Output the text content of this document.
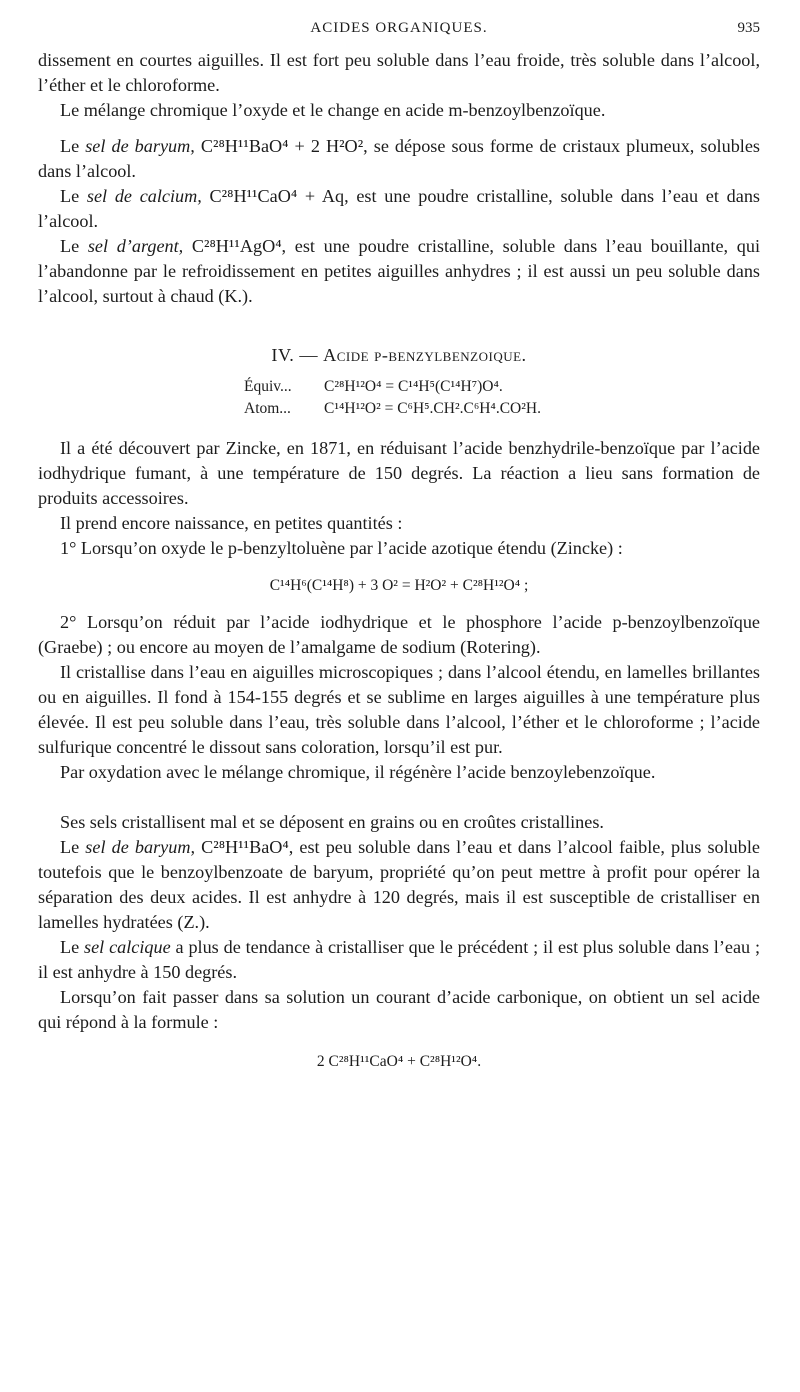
ACIDES ORGANIQUES.	935

dissement en courtes aiguilles. Il est fort peu soluble dans l’eau froide, très soluble dans l’alcool, l’éther et le chloroforme.

Le mélange chromique l’oxyde et le change en acide m-benzoylbenzoïque.

Le sel de baryum, C²⁸H¹¹BaO⁴ + 2 H²O², se dépose sous forme de cristaux plumeux, solubles dans l’alcool.

Le sel de calcium, C²⁸H¹¹CaO⁴ + Aq, est une poudre cristalline, soluble dans l’eau et dans l’alcool.

Le sel d’argent, C²⁸H¹¹AgO⁴, est une poudre cristalline, soluble dans l’eau bouillante, qui l’abandonne par le refroidissement en petites aiguilles anhydres ; il est aussi un peu soluble dans l’alcool, surtout à chaud (K.).

IV. — Acide p-benzylbenzoique.
Équiv...	C²⁸H¹²O⁴ = C¹⁴H⁵(C¹⁴H⁷)O⁴.
Atom...	C¹⁴H¹²O² = C⁶H⁵.CH².C⁶H⁴.CO²H.

Il a été découvert par Zincke, en 1871, en réduisant l’acide benzhydrile-benzoïque par l’acide iodhydrique fumant, à une température de 150 degrés. La réaction a lieu sans formation de produits accessoires.

Il prend encore naissance, en petites quantités :

1° Lorsqu’on oxyde le p-benzyltoluène par l’acide azotique étendu (Zincke) :

C¹⁴H⁶(C¹⁴H⁸) + 3 O² = H²O² + C²⁸H¹²O⁴ ;

2° Lorsqu’on réduit par l’acide iodhydrique et le phosphore l’acide p-benzoylbenzoïque (Graebe) ; ou encore au moyen de l’amalgame de sodium (Rotering).

Il cristallise dans l’eau en aiguilles microscopiques ; dans l’alcool étendu, en lamelles brillantes ou en aiguilles. Il fond à 154-155 degrés et se sublime en larges aiguilles à une température plus élevée. Il est peu soluble dans l’eau, très soluble dans l’alcool, l’éther et le chloroforme ; l’acide sulfurique concentré le dissout sans coloration, lorsqu’il est pur.

Par oxydation avec le mélange chromique, il régénère l’acide benzoylebenzoïque.

Ses sels cristallisent mal et se déposent en grains ou en croûtes cristallines.

Le sel de baryum, C²⁸H¹¹BaO⁴, est peu soluble dans l’eau et dans l’alcool faible, plus soluble toutefois que le benzoylbenzoate de baryum, propriété qu’on peut mettre à profit pour opérer la séparation des deux acides. Il est anhydre à 120 degrés, mais il est susceptible de cristalliser en lamelles hydratées (Z.).

Le sel calcique a plus de tendance à cristalliser que le précédent ; il est plus soluble dans l’eau ; il est anhydre à 150 degrés.

Lorsqu’on fait passer dans sa solution un courant d’acide carbonique, on obtient un sel acide qui répond à la formule :

2 C²⁸H¹¹CaO⁴ + C²⁸H¹²O⁴.
